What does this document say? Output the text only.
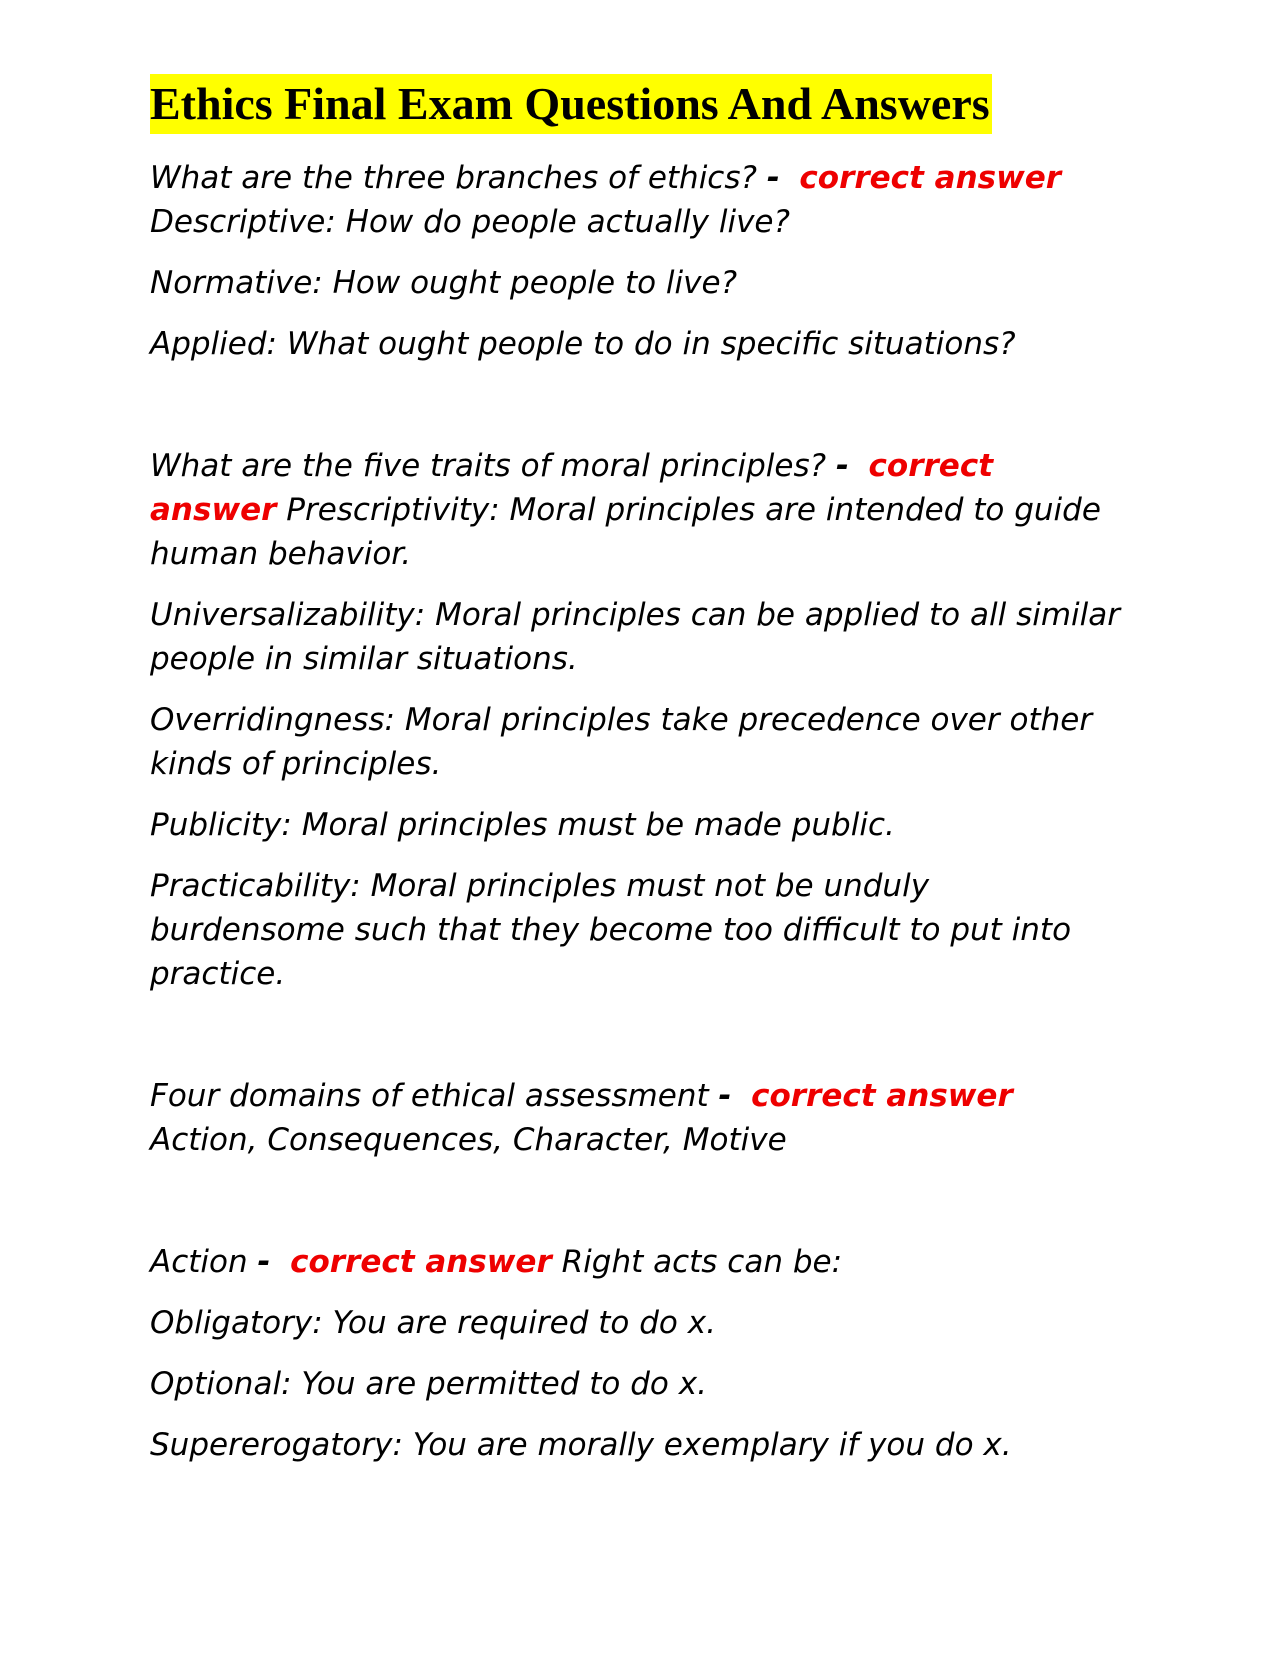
Ethics Final Exam Questions And Answers

What are the three branches of ethics? - correct answer Descriptive: How do people actually live?

Normative: How ought people to live?

Applied: What ought people to do in specific situations?

What are the five traits of moral principles? - correct answer Prescriptivity: Moral principles are intended to guide human behavior.

Universalizability: Moral principles can be applied to all similar people in similar situations.

Overridingness: Moral principles take precedence over other kinds of principles.

Publicity: Moral principles must be made public.

Practicability: Moral principles must not be unduly burdensome such that they become too difficult to put into practice.

Four domains of ethical assessment - correct answer Action, Consequences, Character, Motive

Action - correct answer Right acts can be:

Obligatory: You are required to do x.

Optional: You are permitted to do x.

Supererogatory: You are morally exemplary if you do x.
